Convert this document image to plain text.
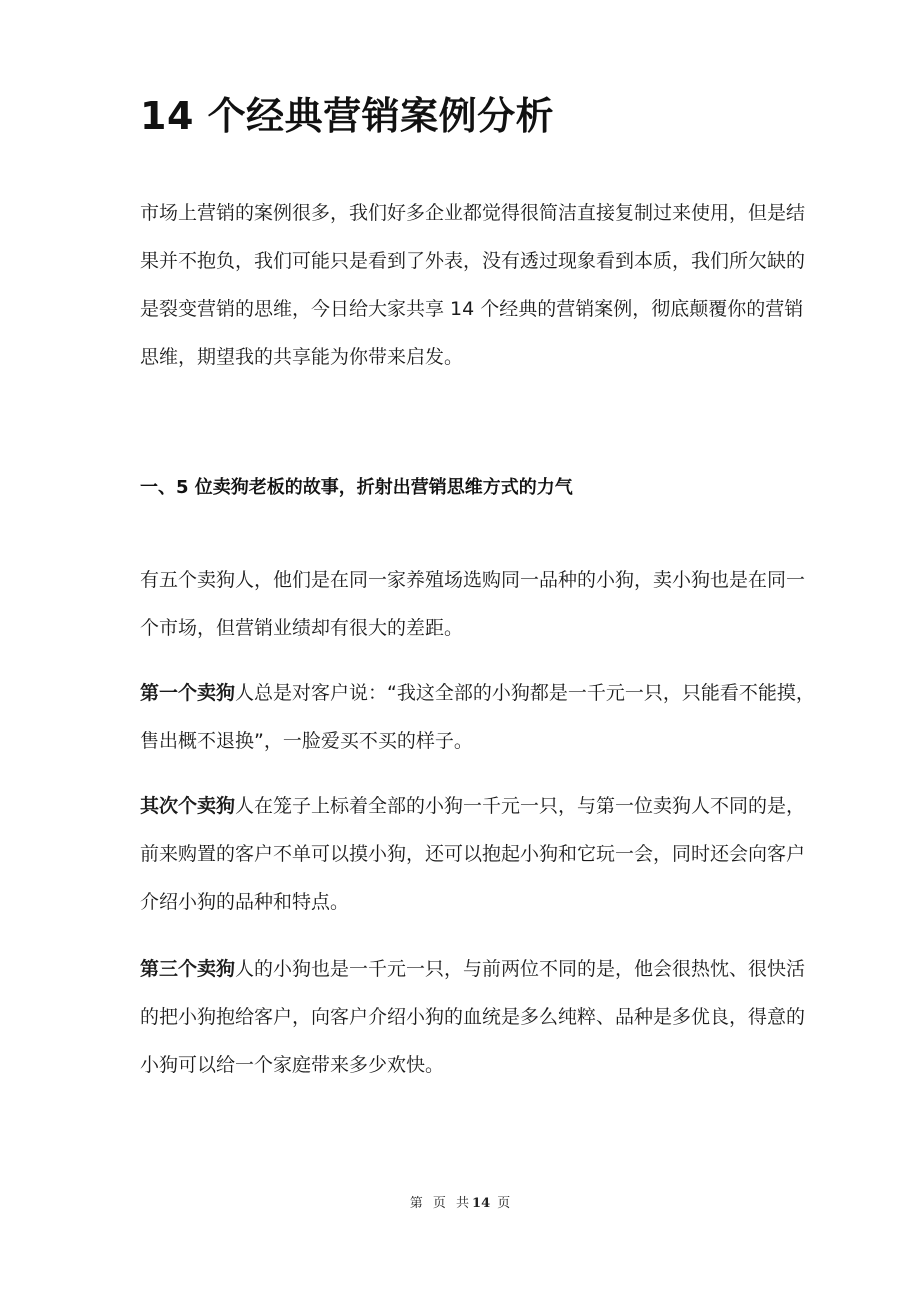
14 个经典营销案例分析

市场上营销的案例很多，我们好多企业都觉得很简洁直接复制过来使用，但是结
果并不抱负，我们可能只是看到了外表，没有透过现象看到本质，我们所欠缺的
是裂变营销的思维，今日给大家共享 14 个经典的营销案例，彻底颠覆你的营销
思维，期望我的共享能为你带来启发。

一、5 位卖狗老板的故事，折射出营销思维方式的力气

有五个卖狗人，他们是在同一家养殖场选购同一品种的小狗，卖小狗也是在同一
个市场，但营销业绩却有很大的差距。

第一个卖狗人总是对客户说：“我这全部的小狗都是一千元一只，只能看不能摸，
售出概不退换”，一脸爱买不买的样子。

其次个卖狗人在笼子上标着全部的小狗一千元一只，与第一位卖狗人不同的是，
前来购置的客户不单可以摸小狗，还可以抱起小狗和它玩一会，同时还会向客户
介绍小狗的品种和特点。

第三个卖狗人的小狗也是一千元一只，与前两位不同的是，他会很热忱、很快活
的把小狗抱给客户，向客户介绍小狗的血统是多么纯粹、品种是多优良，得意的
小狗可以给一个家庭带来多少欢快。

第 页 共 14 页
